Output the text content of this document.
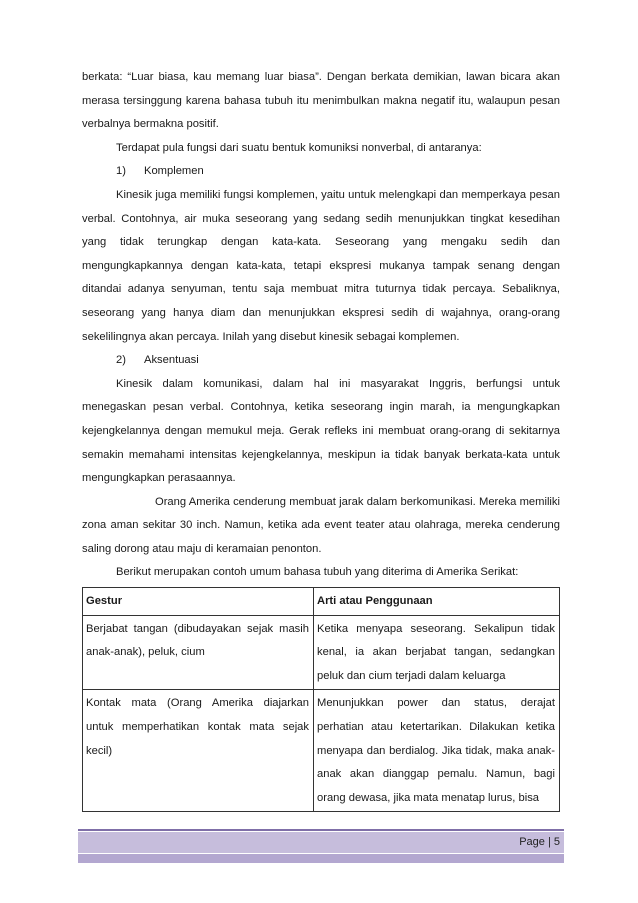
berkata: “Luar biasa, kau memang luar biasa”. Dengan berkata demikian, lawan bicara akan merasa tersinggung karena bahasa tubuh itu menimbulkan makna negatif itu, walaupun pesan verbalnya bermakna positif.

Terdapat pula fungsi dari suatu bentuk komuniksi nonverbal, di antaranya:

1) Komplemen

Kinesik juga memiliki fungsi komplemen, yaitu untuk melengkapi dan memperkaya pesan verbal. Contohnya, air muka seseorang yang sedang sedih menunjukkan tingkat kesedihan yang tidak terungkap dengan kata-kata. Seseorang yang mengaku sedih dan mengungkapkannya dengan kata-kata, tetapi ekspresi mukanya tampak senang dengan ditandai adanya senyuman, tentu saja membuat mitra tuturnya tidak percaya. Sebaliknya, seseorang yang hanya diam dan menunjukkan ekspresi sedih di wajahnya, orang-orang sekelilingnya akan percaya. Inilah yang disebut kinesik sebagai komplemen.

2) Aksentuasi

Kinesik dalam komunikasi, dalam hal ini masyarakat Inggris, berfungsi untuk menegaskan pesan verbal. Contohnya, ketika seseorang ingin marah, ia mengungkapkan kejengkelannya dengan memukul meja. Gerak refleks ini membuat orang-orang di sekitarnya semakin memahami intensitas kejengkelannya, meskipun ia tidak banyak berkata-kata untuk mengungkapkan perasaannya.

Orang Amerika cenderung membuat jarak dalam berkomunikasi. Mereka memiliki zona aman sekitar 30 inch. Namun, ketika ada event teater atau olahraga, mereka cenderung saling dorong atau maju di keramaian penonton.

Berikut merupakan contoh umum bahasa tubuh yang diterima di Amerika Serikat:

Gestur	Arti atau Penggunaan
Berjabat tangan (dibudayakan sejak masih anak-anak), peluk, cium	Ketika menyapa seseorang. Sekalipun tidak kenal, ia akan berjabat tangan, sedangkan peluk dan cium terjadi dalam keluarga
Kontak mata (Orang Amerika diajarkan untuk memperhatikan kontak mata sejak kecil)	Menunjukkan power dan status, derajat perhatian atau ketertarikan. Dilakukan ketika menyapa dan berdialog. Jika tidak, maka anak-anak akan dianggap pemalu. Namun, bagi orang dewasa, jika mata menatap lurus, bisa
Page | 5
